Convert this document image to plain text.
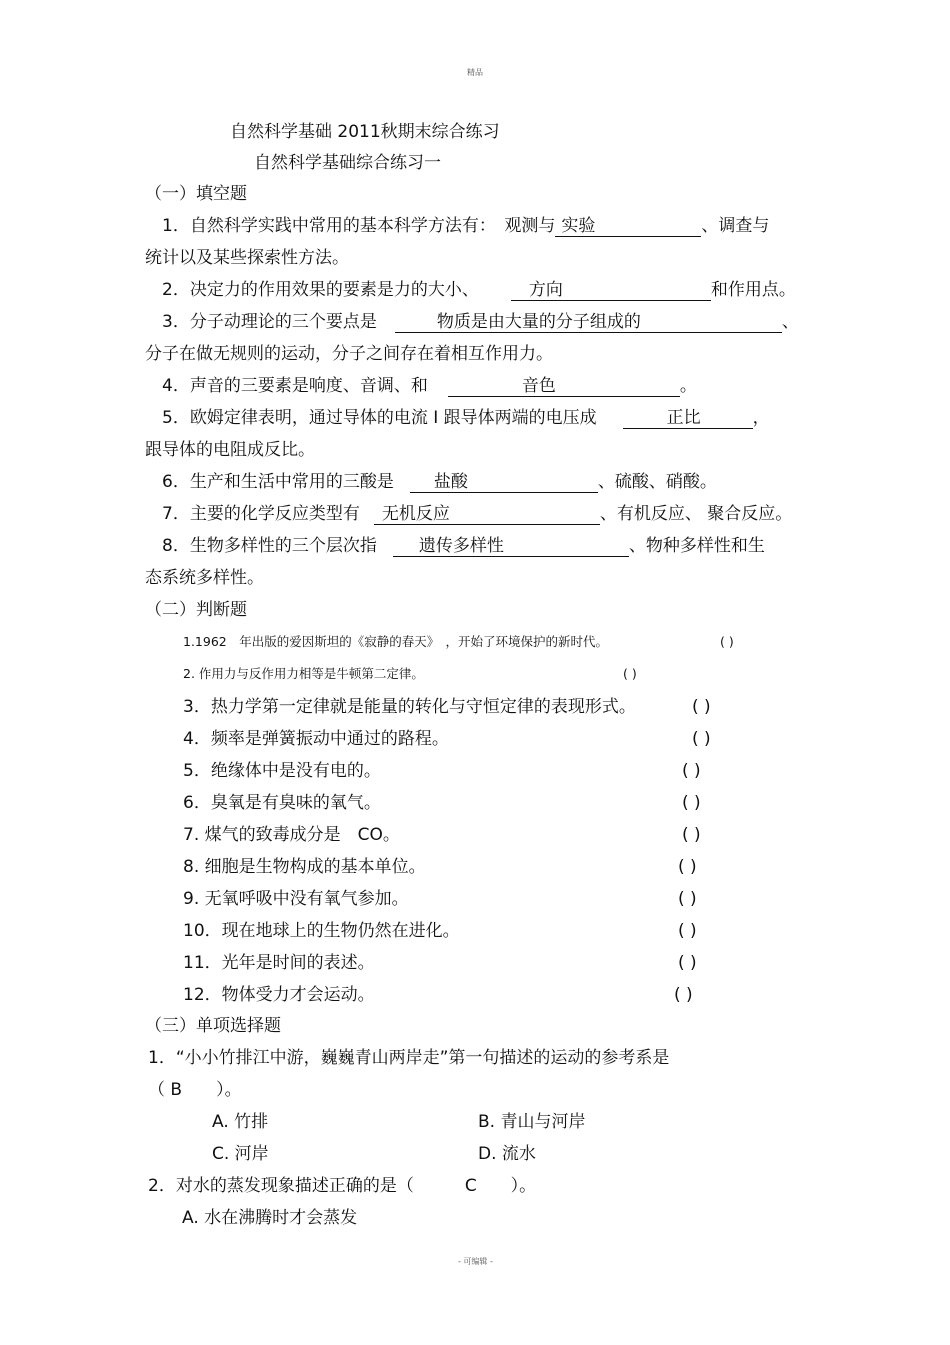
精品
自然科学基础 2011秋期末综合练习
自然科学基础综合练习一
（一）填空题
1．自然科学实践中常用的基本科学方法有：　观测与 实验	、调查与
统计以及某些探索性方法。
2．决定力的作用效果的要素是力的大小、	方向	和作用点。
3．分子动理论的三个要点是	物质是由大量的分子组成的	、
分子在做无规则的运动，分子之间存在着相互作用力。
4．声音的三要素是响度、音调、和	音色	。
5．欧姆定律表明，通过导体的电流 I 跟导体两端的电压成	正比	，
跟导体的电阻成反比。
6．生产和生活中常用的三酸是 盐酸	、硫酸、硝酸。
7．主要的化学反应类型有 无机反应	、有机反应、 聚合反应。
8．生物多样性的三个层次指 遗传多样性	、物种多样性和生
态系统多样性。
（二）判断题
1.1962　年出版的爱因斯坦的《寂静的春天》　，开始了环境保护的新时代。	( )
2. 作用力与反作用力相等是牛顿第二定律。	( )
3．热力学第一定律就是能量的转化与守恒定律的表现形式。	( )
4．频率是弹簧振动中通过的路程。	( )
5．绝缘体中是没有电的。	( )
6．臭氧是有臭味的氧气。	( )
7. 煤气的致毒成分是　CO。	( )
8. 细胞是生物构成的基本单位。	( )
9. 无氧呼吸中没有氧气参加。	( )
10．现在地球上的生物仍然在进化。	( )
11．光年是时间的表述。	( )
12．物体受力才会运动。	( )
（三）单项选择题
1．“小小竹排江中游，巍巍青山两岸走”第一句描述的运动的参考系是
（ B　　）。
A. 竹排	B. 青山与河岸
C. 河岸	D. 流水
2．对水的蒸发现象描述正确的是（　　　C　　）。
A. 水在沸腾时才会蒸发
- 可编辑 -
